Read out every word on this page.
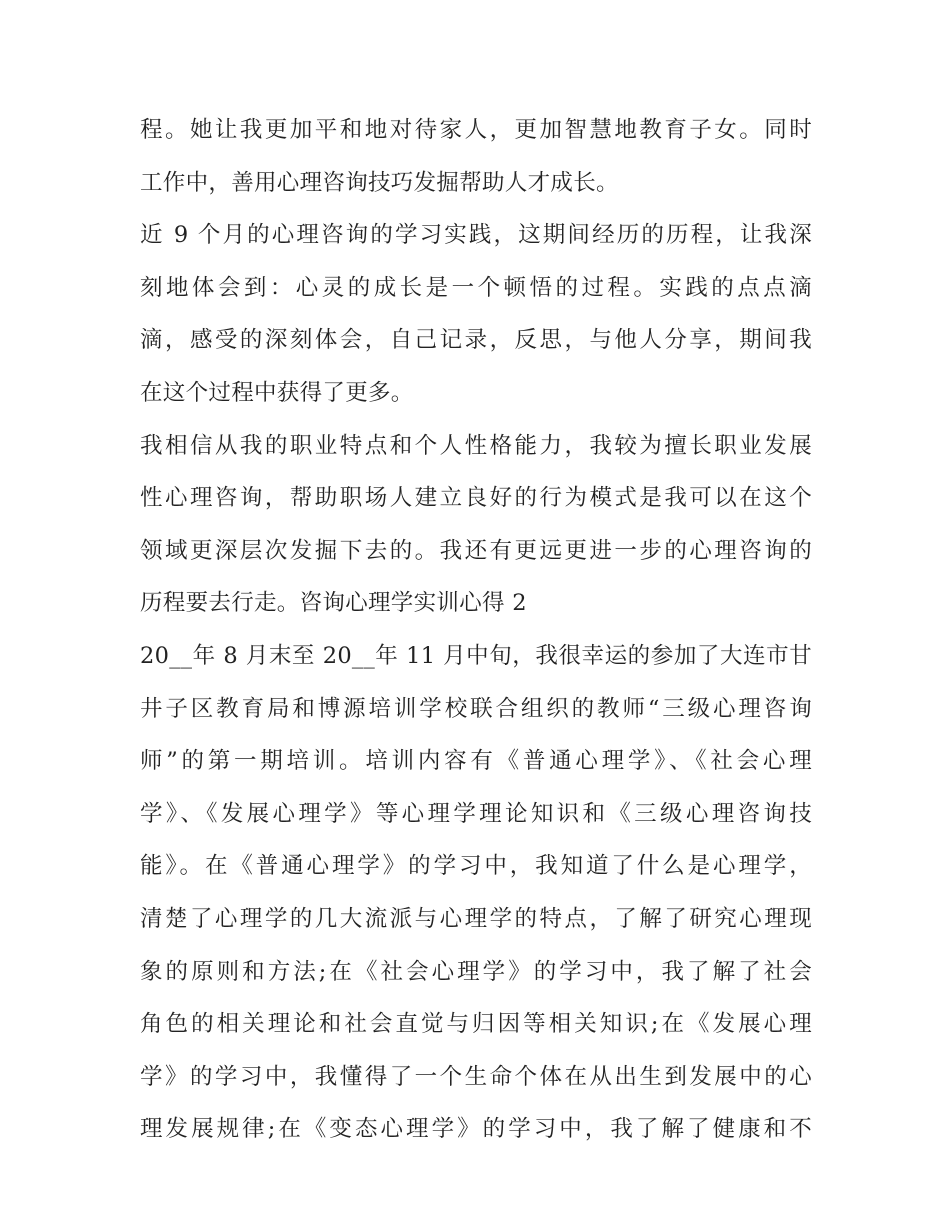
程。她让我更加平和地对待家人，更加智慧地教育子女。同时
工作中，善用心理咨询技巧发掘帮助人才成长。
近 9 个月的心理咨询的学习实践，这期间经历的历程，让我深
刻地体会到：心灵的成长是一个顿悟的过程。实践的点点滴
滴，感受的深刻体会，自己记录，反思，与他人分享，期间我
在这个过程中获得了更多。
我相信从我的职业特点和个人性格能力，我较为擅长职业发展
性心理咨询，帮助职场人建立良好的行为模式是我可以在这个
领域更深层次发掘下去的。我还有更远更进一步的心理咨询的
历程要去行走。咨询心理学实训心得 2
20__年 8 月末至 20__年 11 月中旬，我很幸运的参加了大连市甘
井子区教育局和博源培训学校联合组织的教师“三级心理咨询
师”的第一期培训。培训内容有《普通心理学》、《社会心理
学》、《发展心理学》等心理学理论知识和《三级心理咨询技
能》。在《普通心理学》的学习中，我知道了什么是心理学，
清楚了心理学的几大流派与心理学的特点，了解了研究心理现
象的原则和方法;在《社会心理学》的学习中，我了解了社会
角色的相关理论和社会直觉与归因等相关知识;在《发展心理
学》的学习中，我懂得了一个生命个体在从出生到发展中的心
理发展规律;在《变态心理学》的学习中，我了解了健康和不
